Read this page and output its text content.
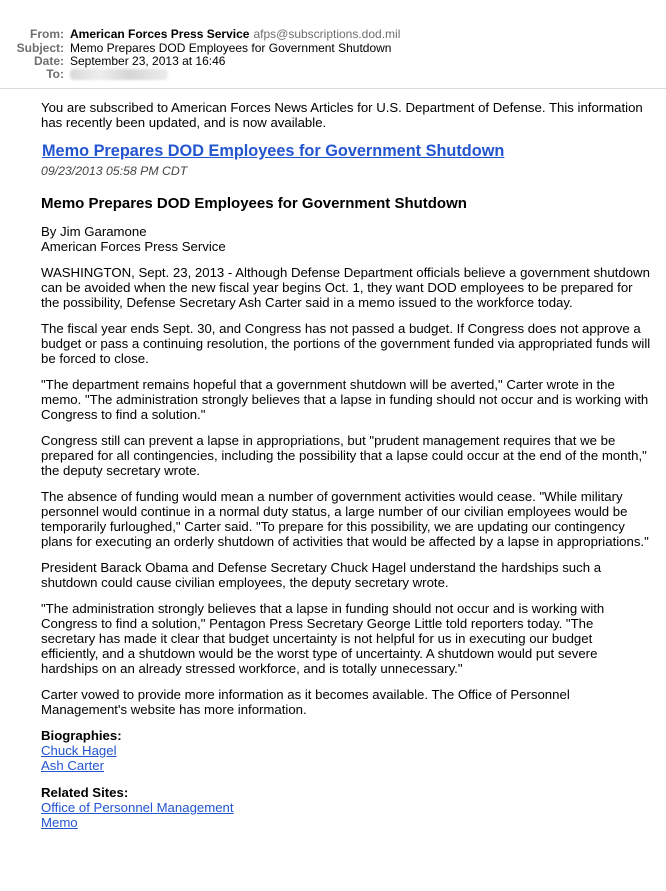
From: American Forces Press Service afps@subscriptions.dod.mil
Subject: Memo Prepares DOD Employees for Government Shutdown
Date: September 23, 2013 at 16:46
To:

You are subscribed to American Forces News Articles for U.S. Department of Defense. This information has recently been updated, and is now available.

Memo Prepares DOD Employees for Government Shutdown
09/23/2013 05:58 PM CDT
Memo Prepares DOD Employees for Government Shutdown

By Jim Garamone

American Forces Press Service

WASHINGTON, Sept. 23, 2013 - Although Defense Department officials believe a government shutdown can be avoided when the new fiscal year begins Oct. 1, they want DOD employees to be prepared for the possibility, Defense Secretary Ash Carter said in a memo issued to the workforce today.

The fiscal year ends Sept. 30, and Congress has not passed a budget. If Congress does not approve a budget or pass a continuing resolution, the portions of the government funded via appropriated funds will be forced to close.

"The department remains hopeful that a government shutdown will be averted," Carter wrote in the memo. "The administration strongly believes that a lapse in funding should not occur and is working with Congress to find a solution."

Congress still can prevent a lapse in appropriations, but "prudent management requires that we be prepared for all contingencies, including the possibility that a lapse could occur at the end of the month," the deputy secretary wrote.

The absence of funding would mean a number of government activities would cease. "While military personnel would continue in a normal duty status, a large number of our civilian employees would be temporarily furloughed," Carter said. "To prepare for this possibility, we are updating our contingency plans for executing an orderly shutdown of activities that would be affected by a lapse in appropriations."

President Barack Obama and Defense Secretary Chuck Hagel understand the hardships such a shutdown could cause civilian employees, the deputy secretary wrote.

"The administration strongly believes that a lapse in funding should not occur and is working with Congress to find a solution," Pentagon Press Secretary George Little told reporters today. "The secretary has made it clear that budget uncertainty is not helpful for us in executing our budget efficiently, and a shutdown would be the worst type of uncertainty. A shutdown would put severe hardships on an already stressed workforce, and is totally unnecessary."

Carter vowed to provide more information as it becomes available. The Office of Personnel Management's website has more information.

Biographies:
Chuck Hagel
Ash Carter
Related Sites:
Office of Personnel Management
Memo
